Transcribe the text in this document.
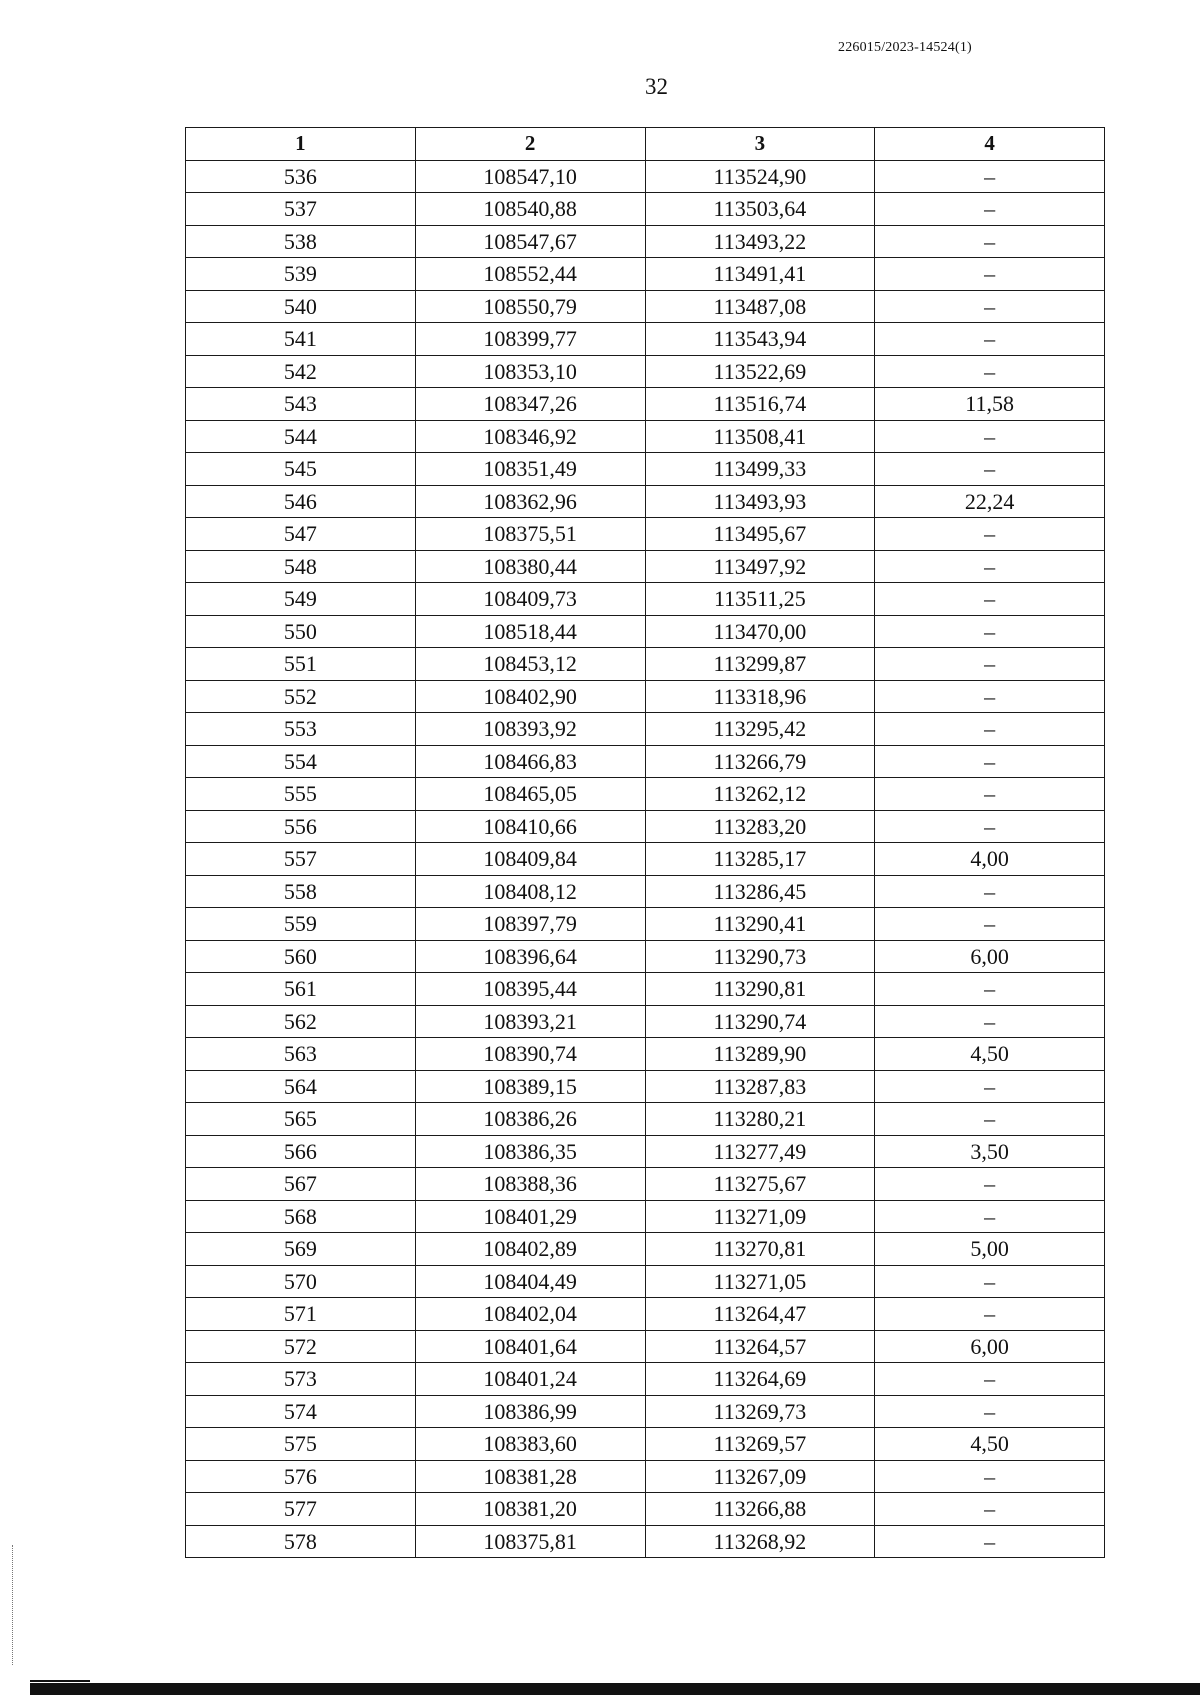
226015/2023-14524(1)
32
1	2	3	4
536	108547,10	113524,90	–
537	108540,88	113503,64	–
538	108547,67	113493,22	–
539	108552,44	113491,41	–
540	108550,79	113487,08	–
541	108399,77	113543,94	–
542	108353,10	113522,69	–
543	108347,26	113516,74	11,58
544	108346,92	113508,41	–
545	108351,49	113499,33	–
546	108362,96	113493,93	22,24
547	108375,51	113495,67	–
548	108380,44	113497,92	–
549	108409,73	113511,25	–
550	108518,44	113470,00	–
551	108453,12	113299,87	–
552	108402,90	113318,96	–
553	108393,92	113295,42	–
554	108466,83	113266,79	–
555	108465,05	113262,12	–
556	108410,66	113283,20	–
557	108409,84	113285,17	4,00
558	108408,12	113286,45	–
559	108397,79	113290,41	–
560	108396,64	113290,73	6,00
561	108395,44	113290,81	–
562	108393,21	113290,74	–
563	108390,74	113289,90	4,50
564	108389,15	113287,83	–
565	108386,26	113280,21	–
566	108386,35	113277,49	3,50
567	108388,36	113275,67	–
568	108401,29	113271,09	–
569	108402,89	113270,81	5,00
570	108404,49	113271,05	–
571	108402,04	113264,47	–
572	108401,64	113264,57	6,00
573	108401,24	113264,69	–
574	108386,99	113269,73	–
575	108383,60	113269,57	4,50
576	108381,28	113267,09	–
577	108381,20	113266,88	–
578	108375,81	113268,92	–
